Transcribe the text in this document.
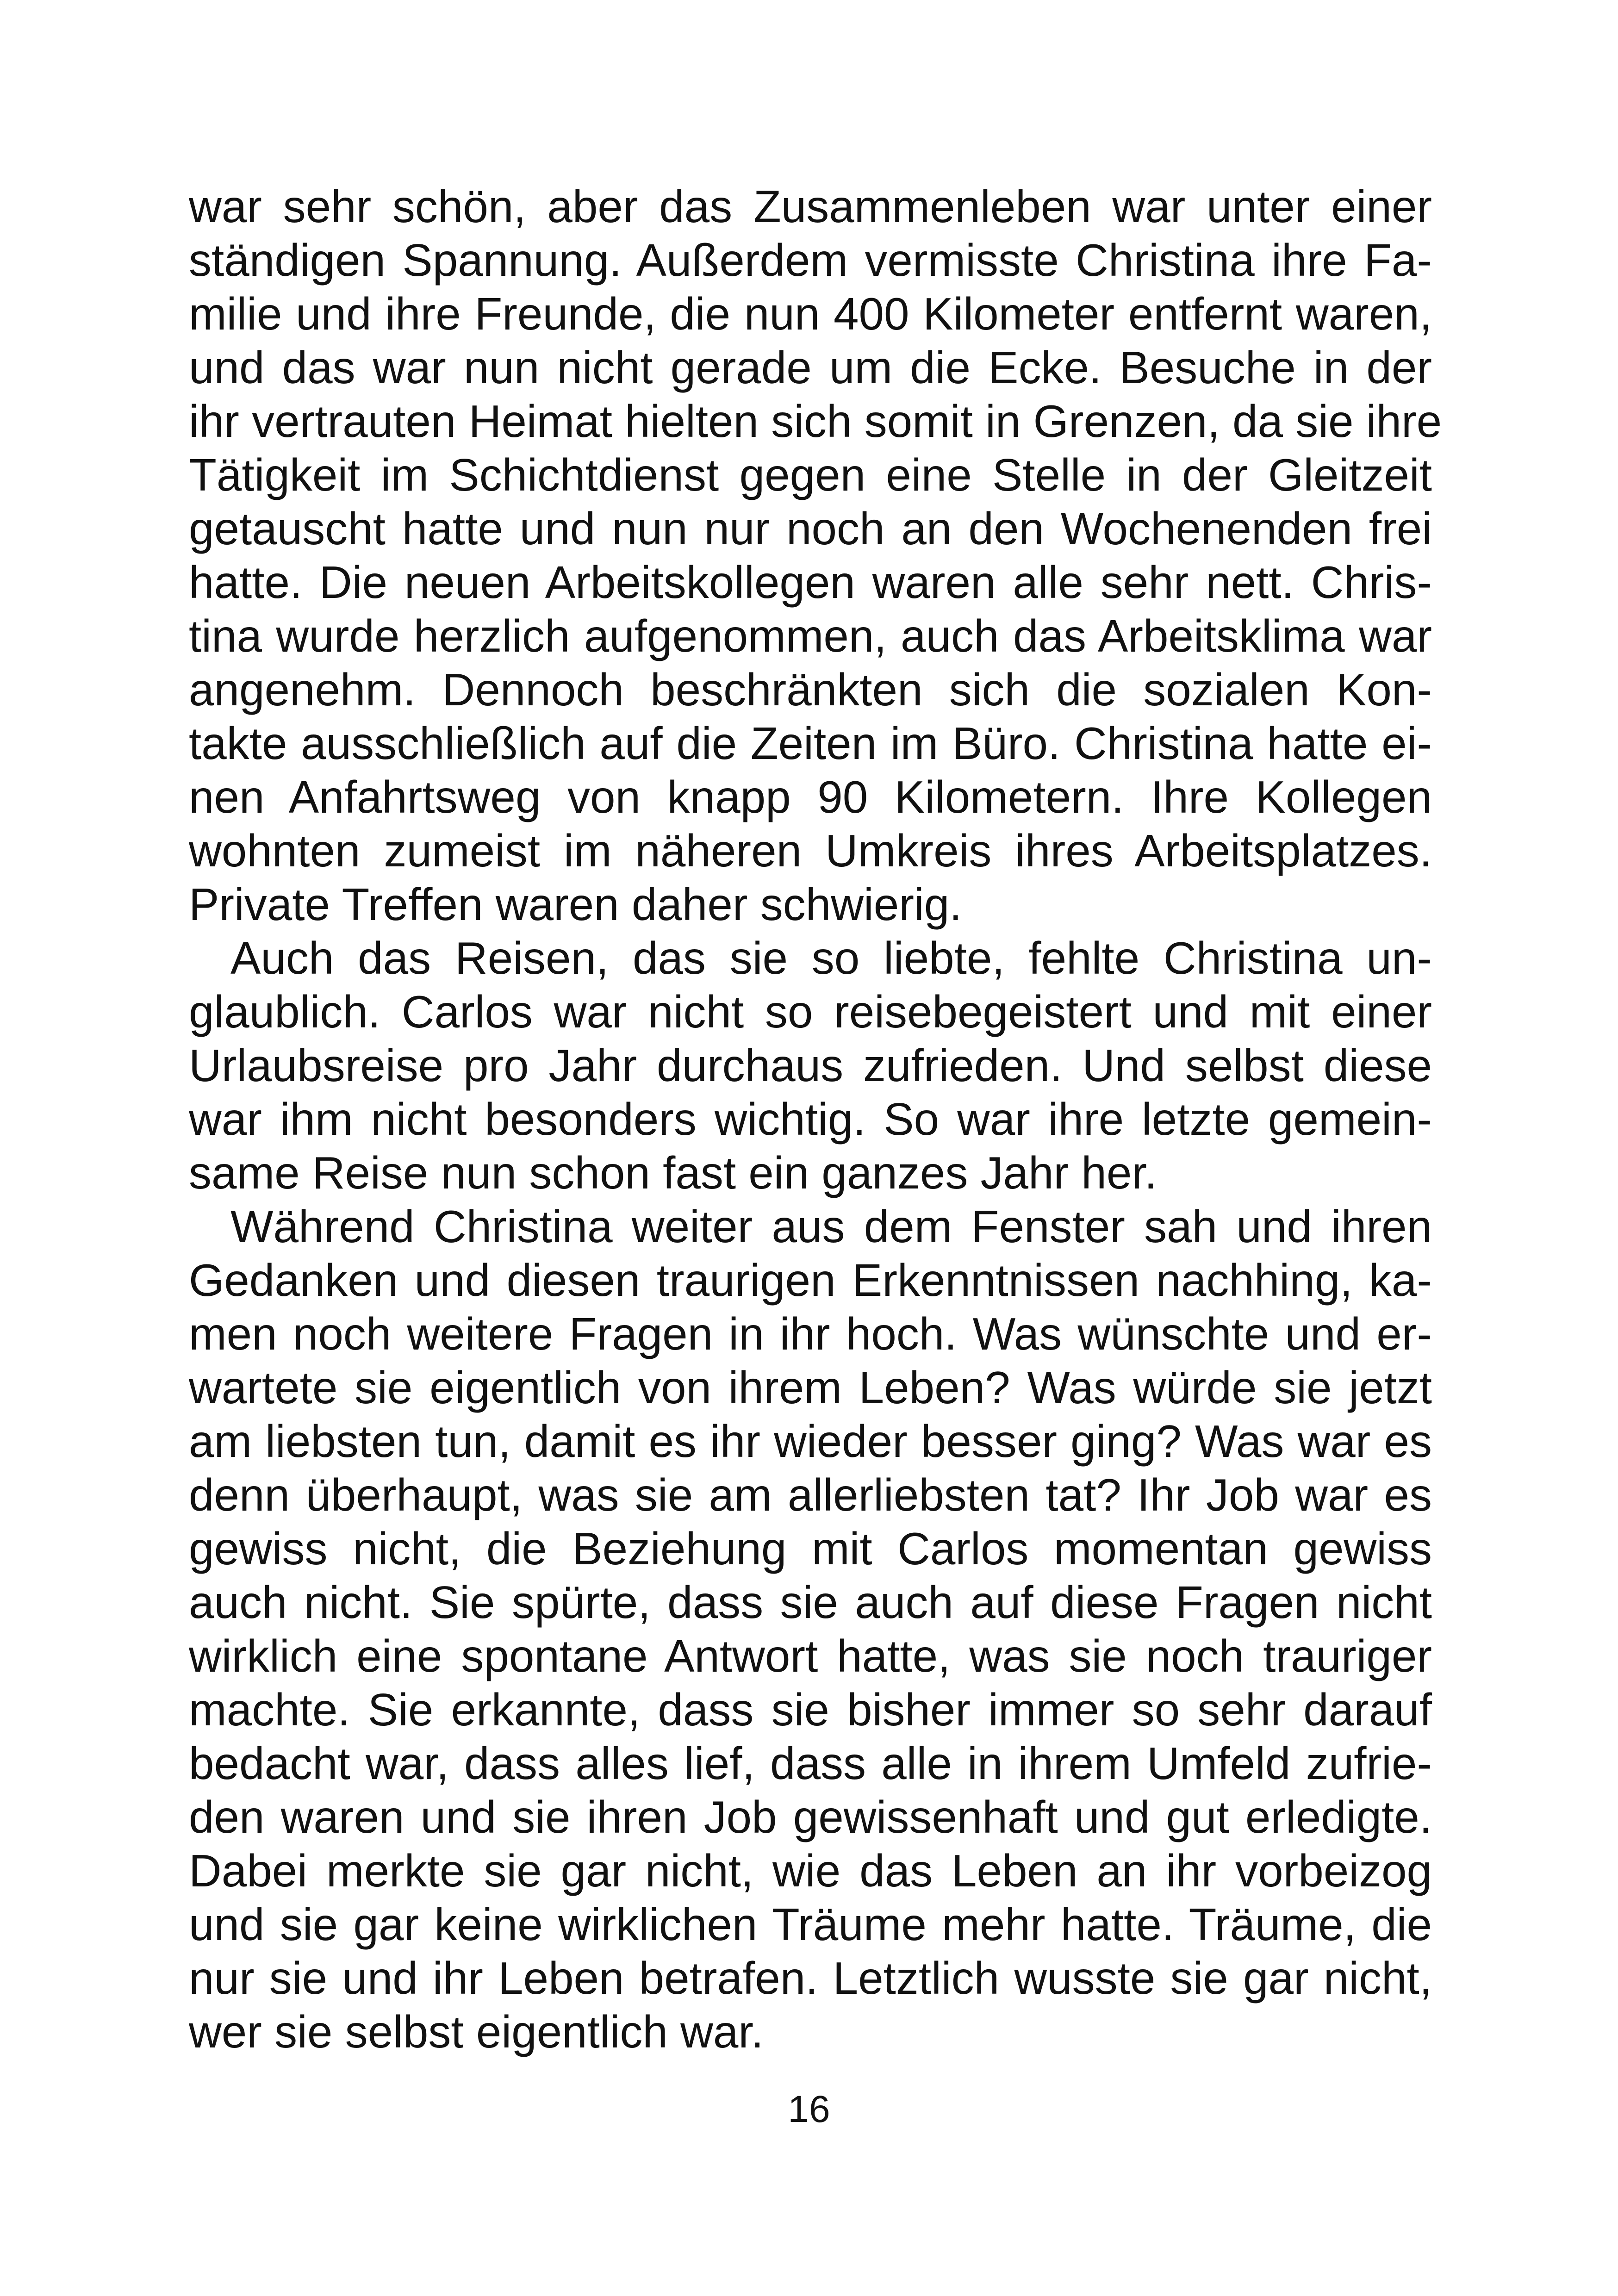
war sehr schön, aber das Zusammenleben war unter einer
ständigen Spannung. Außerdem vermisste Christina ihre Fa-
milie und ihre Freunde, die nun 400 Kilometer entfernt waren,
und das war nun nicht gerade um die Ecke. Besuche in der
ihr vertrauten Heimat hielten sich somit in Grenzen, da sie ihre
Tätigkeit im Schichtdienst gegen eine Stelle in der Gleitzeit
getauscht hatte und nun nur noch an den Wochenenden frei
hatte. Die neuen Arbeitskollegen waren alle sehr nett. Chris-
tina wurde herzlich aufgenommen, auch das Arbeitsklima war
angenehm. Dennoch beschränkten sich die sozialen Kon-
takte ausschließlich auf die Zeiten im Büro. Christina hatte ei-
nen Anfahrtsweg von knapp 90 Kilometern. Ihre Kollegen
wohnten zumeist im näheren Umkreis ihres Arbeitsplatzes.
Private Treffen waren daher schwierig.
Auch das Reisen, das sie so liebte, fehlte Christina un-
glaublich. Carlos war nicht so reisebegeistert und mit einer
Urlaubsreise pro Jahr durchaus zufrieden. Und selbst diese
war ihm nicht besonders wichtig. So war ihre letzte gemein-
same Reise nun schon fast ein ganzes Jahr her.
Während Christina weiter aus dem Fenster sah und ihren
Gedanken und diesen traurigen Erkenntnissen nachhing, ka-
men noch weitere Fragen in ihr hoch. Was wünschte und er-
wartete sie eigentlich von ihrem Leben? Was würde sie jetzt
am liebsten tun, damit es ihr wieder besser ging? Was war es
denn überhaupt, was sie am allerliebsten tat? Ihr Job war es
gewiss nicht, die Beziehung mit Carlos momentan gewiss
auch nicht. Sie spürte, dass sie auch auf diese Fragen nicht
wirklich eine spontane Antwort hatte, was sie noch trauriger
machte. Sie erkannte, dass sie bisher immer so sehr darauf
bedacht war, dass alles lief, dass alle in ihrem Umfeld zufrie-
den waren und sie ihren Job gewissenhaft und gut erledigte.
Dabei merkte sie gar nicht, wie das Leben an ihr vorbeizog
und sie gar keine wirklichen Träume mehr hatte. Träume, die
nur sie und ihr Leben betrafen. Letztlich wusste sie gar nicht,
wer sie selbst eigentlich war.
16
